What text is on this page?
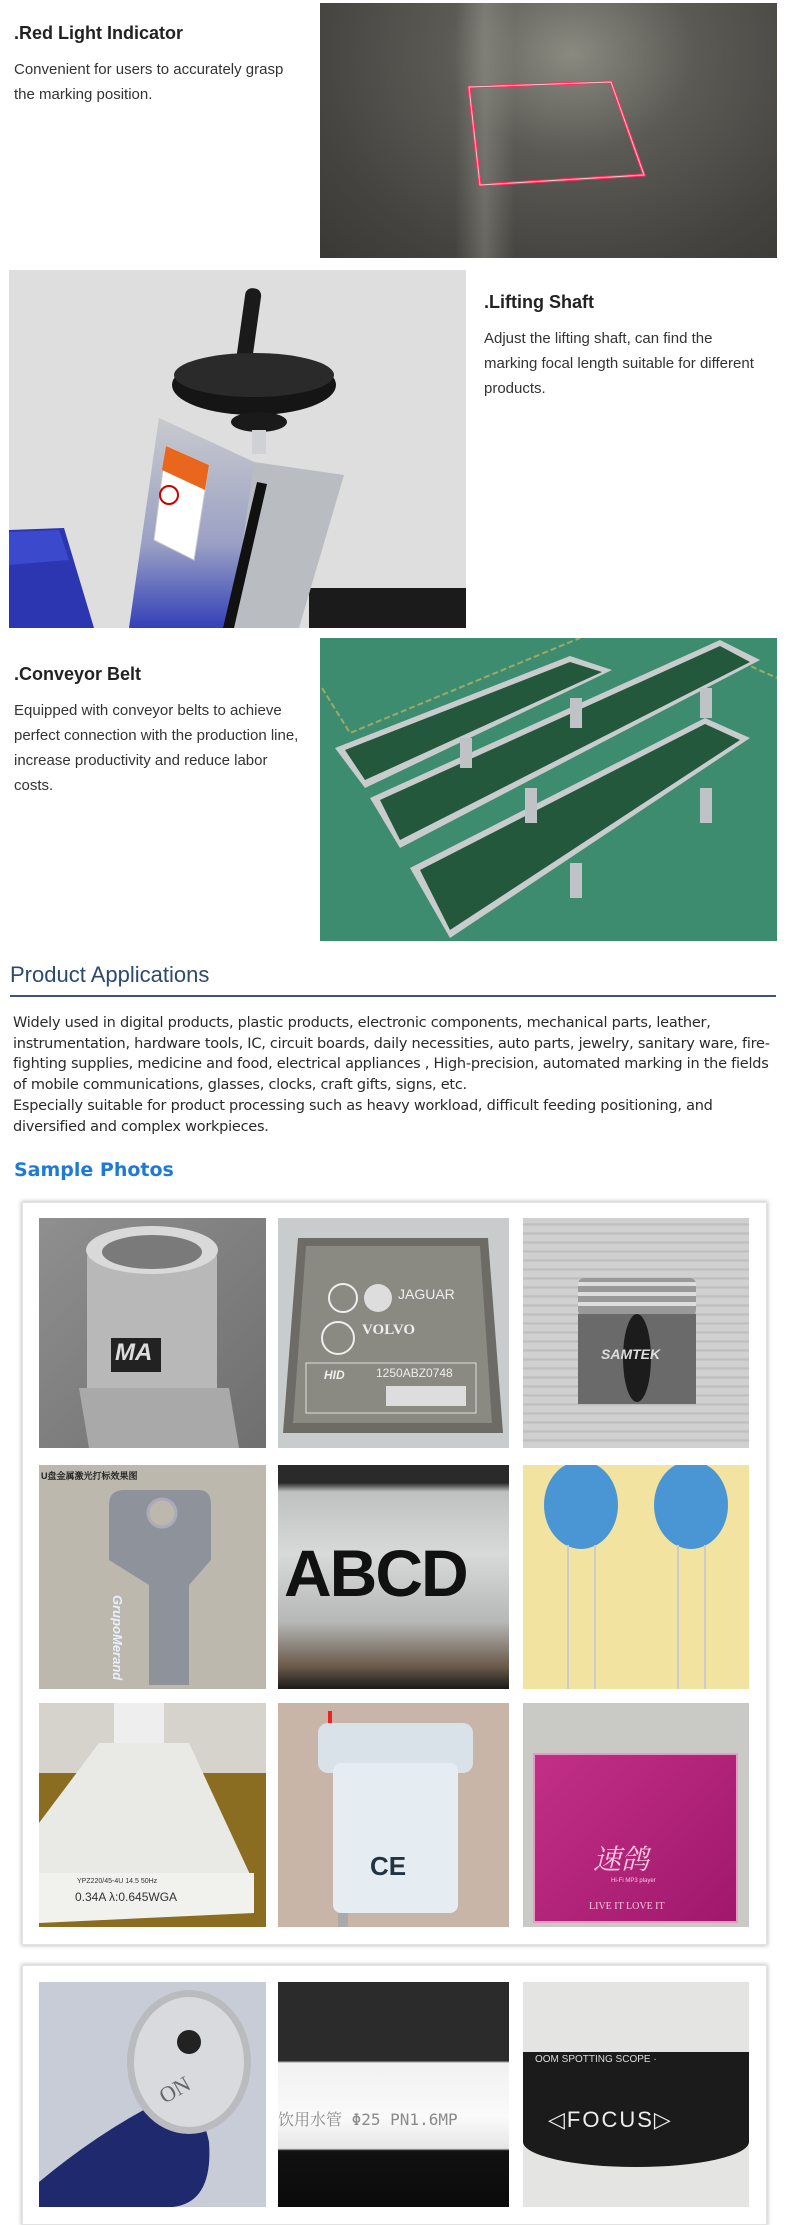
.Red Light Indicator
Convenient for users to accurately grasp the marking position.
.Lifting Shaft
Adjust the lifting shaft, can find the marking focal length suitable for different products.
.Conveyor Belt
Equipped with conveyor belts to achieve perfect connection with the production line, increase productivity and reduce labor costs.
Product Applications
Widely used in digital products, plastic products, electronic components, mechanical parts, leather, instrumentation, hardware tools, IC, circuit boards, daily necessities, auto parts, jewelry, sanitary ware, fire-fighting supplies, medicine and food, electrical appliances , High-precision, automated marking in the fields of mobile communications, glasses, clocks, craft gifts, signs, etc.
Especially suitable for product processing such as heavy workload, difficult feeding positioning, and diversified and complex workpieces.
Sample Photos
MA
JAGUAR
VOLVO
1250ABZ0748
HID
SAMTEK
U盘金属激光打标效果图
GrupoMerand
ABCD
YPZ220/45-4U 14.5 50Hz
0.34A λ:0.645WGA
CE	速鸽
Hi-Fi MP3 player
LIVE IT LOVE IT
ON
饮用水管 Φ25 PN1.6MP
OOM SPOTTING SCOPE ·
◁FOCUS▷
